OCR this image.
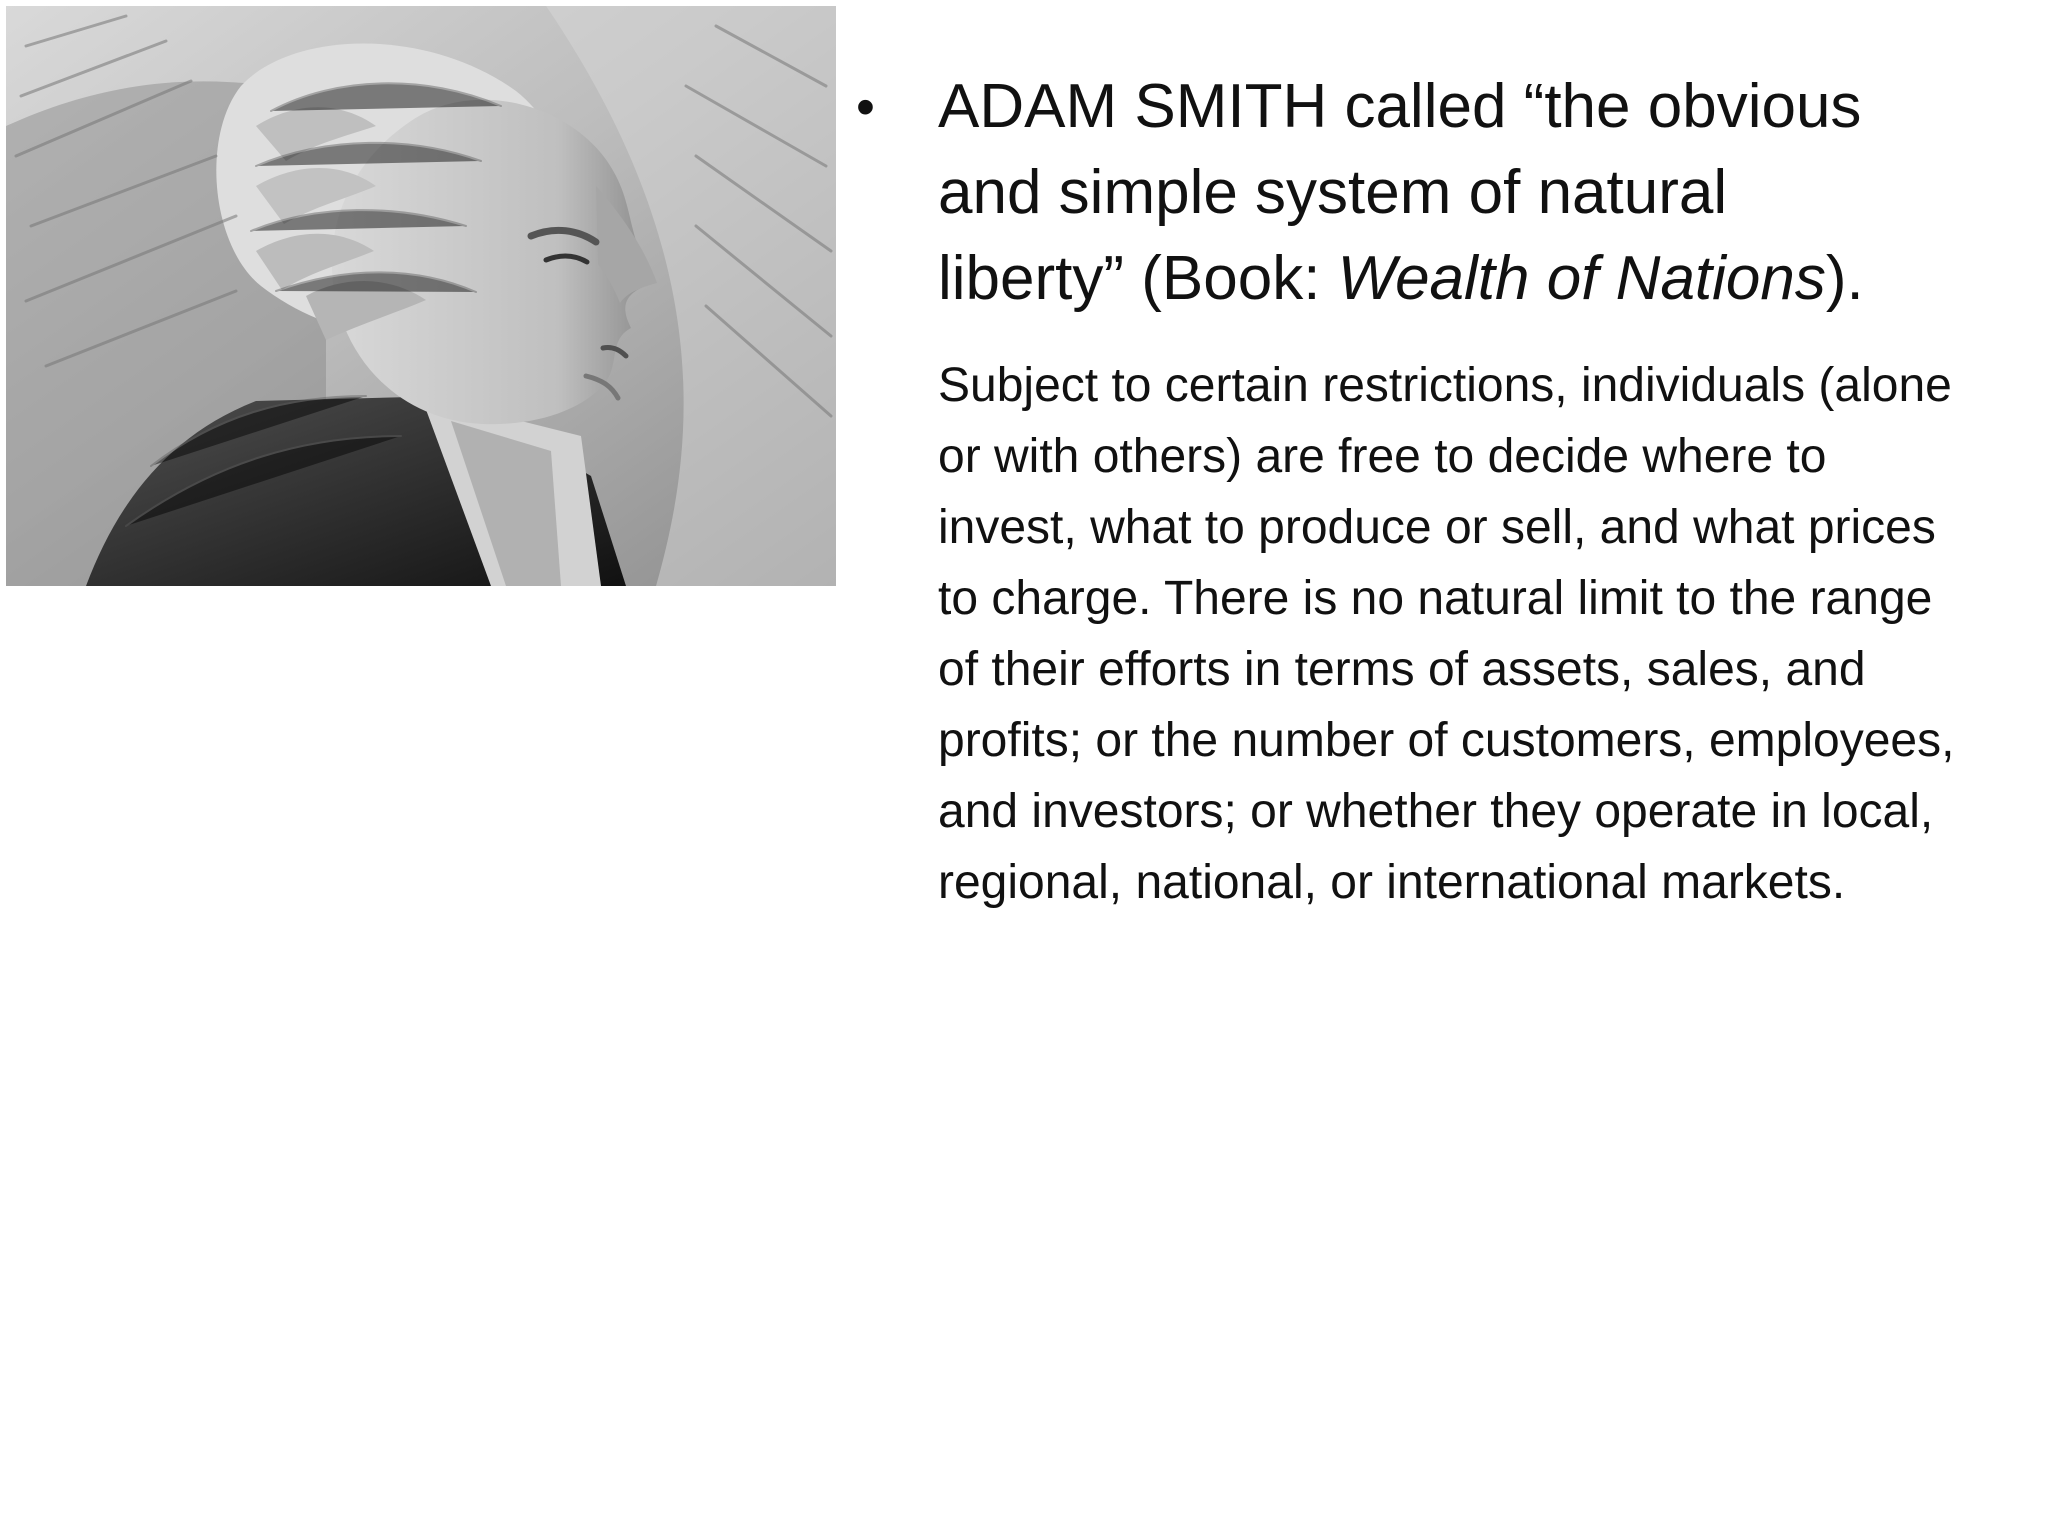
• ADAM SMITH called “the obvious
and simple system of natural
liberty” (Book: Wealth of Nations).
Subject to certain restrictions, individuals (alone or with others) are free to decide where to invest, what to produce or sell, and what prices to charge. There is no natural limit to the range of their efforts in terms of assets, sales, and profits; or the number of customers, employees, and investors; or whether they operate in local, regional, national, or international markets.
